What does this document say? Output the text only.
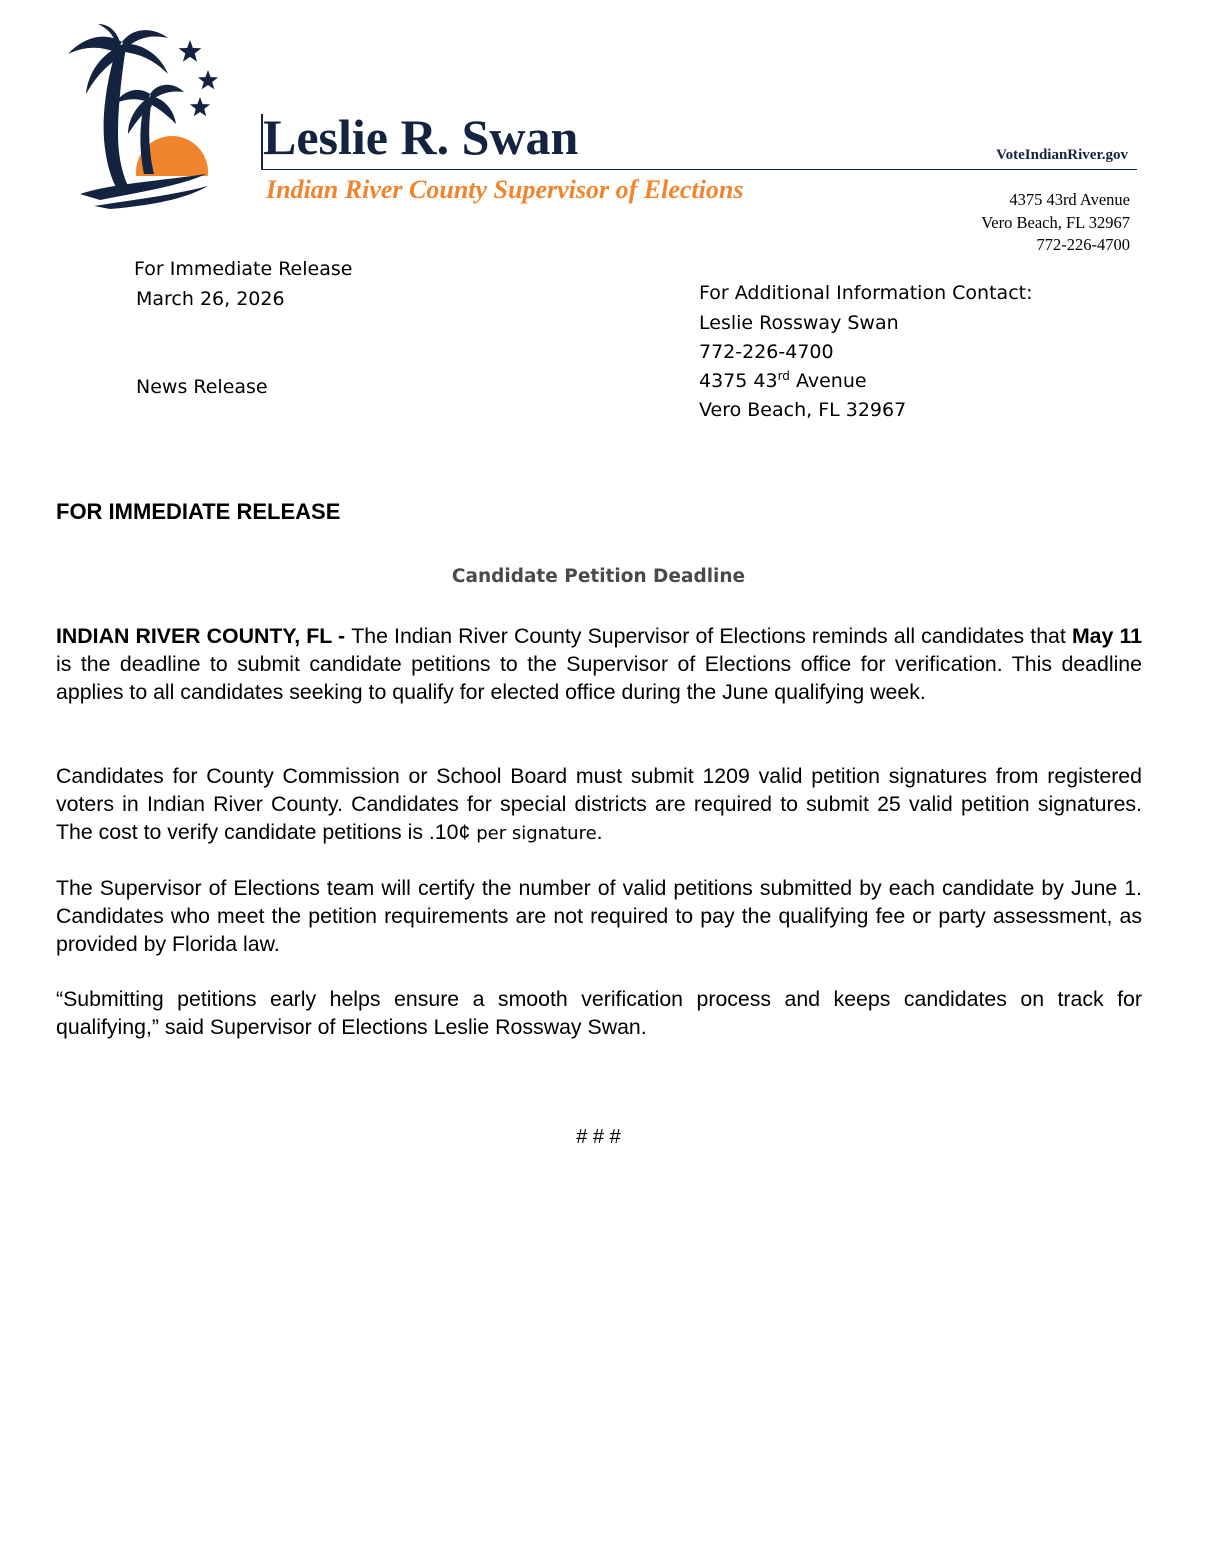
Leslie R. Swan	VoteIndianRiver.gov
Indian River County Supervisor of Elections	4375 43rd Avenue
Vero Beach, FL 32967
772-226-4700
For Immediate Release
March 26, 2026
News Release
For Additional Information Contact:
Leslie Rossway Swan
772-226-4700
4375 43rd Avenue
Vero Beach, FL 32967
FOR IMMEDIATE RELEASE
Candidate Petition Deadline

INDIAN RIVER COUNTY, FL - The Indian River County Supervisor of Elections reminds all candidates that May 11 is the deadline to submit candidate petitions to the Supervisor of Elections office for verification. This deadline applies to all candidates seeking to qualify for elected office during the June qualifying week.

Candidates for County Commission or School Board must submit 1209 valid petition signatures from registered voters in Indian River County. Candidates for special districts are required to submit 25 valid petition signatures. The cost to verify candidate petitions is .10¢ per signature.

The Supervisor of Elections team will certify the number of valid petitions submitted by each candidate by June 1. Candidates who meet the petition requirements are not required to pay the qualifying fee or party assessment, as provided by Florida law.

“Submitting petitions early helps ensure a smooth verification process and keeps candidates on track for qualifying,” said Supervisor of Elections Leslie Rossway Swan.

# # #
